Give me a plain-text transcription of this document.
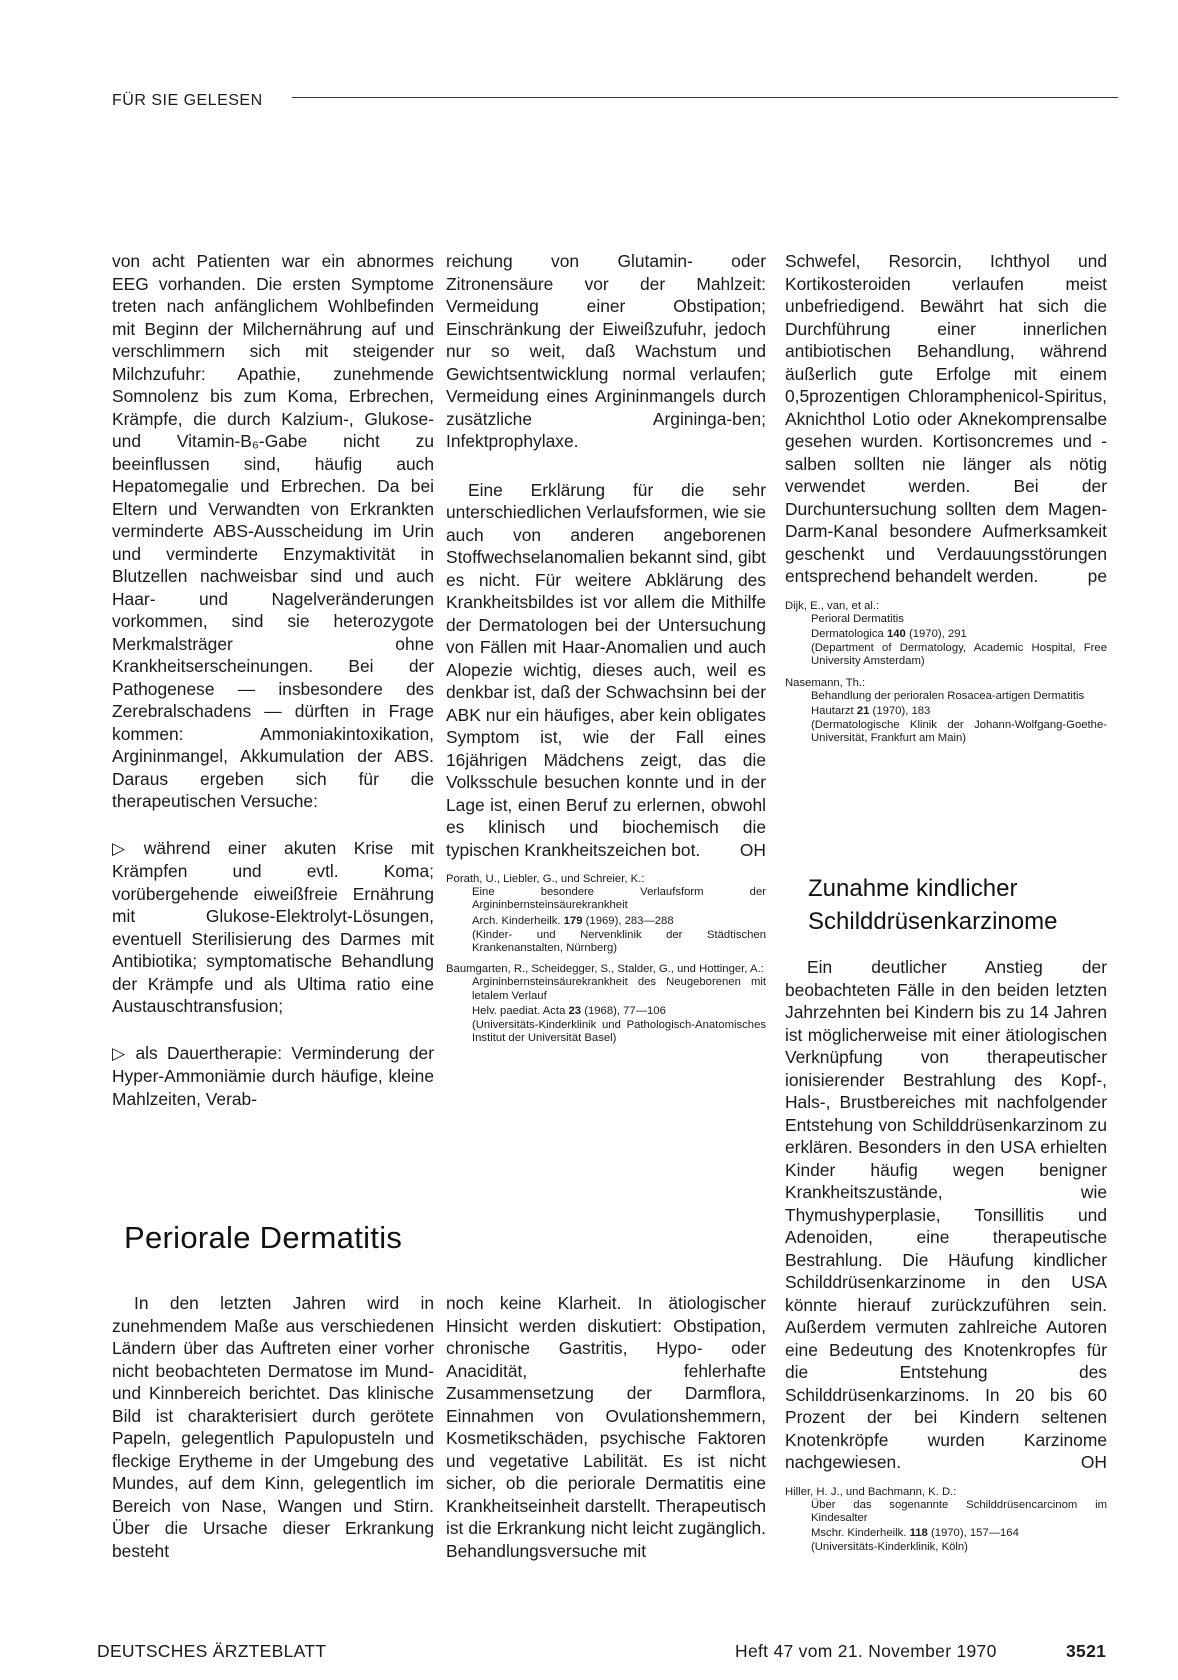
FÜR SIE GELESEN

von acht Patienten war ein abnormes EEG vorhanden. Die ersten Symptome treten nach anfänglichem Wohlbefinden mit Beginn der Milchernährung auf und verschlimmern sich mit steigender Milchzufuhr: Apathie, zunehmende Somnolenz bis zum Koma, Erbrechen, Krämpfe, die durch Kalzium-, Glukose- und Vitamin-B₆-Gabe nicht zu beeinflussen sind, häufig auch Hepatomegalie und Erbrechen. Da bei Eltern und Verwandten von Erkrankten verminderte ABS-Ausscheidung im Urin und verminderte Enzymaktivität in Blutzellen nachweisbar sind und auch Haar- und Nagelveränderungen vorkommen, sind sie heterozygote Merkmalsträger ohne Krankheitserscheinungen. Bei der Pathogenese — insbesondere des Zerebralschadens — dürften in Frage kommen: Ammoniakintoxikation, Argininmangel, Akkumulation der ABS. Daraus ergeben sich für die therapeutischen Versuche:

▷ während einer akuten Krise mit Krämpfen und evtl. Koma; vorübergehende eiweißfreie Ernährung mit Glukose-Elektrolyt-Lösungen, eventuell Sterilisierung des Darmes mit Antibiotika; symptomatische Behandlung der Krämpfe und als Ultima ratio eine Austauschtransfusion;

▷ als Dauertherapie: Verminderung der Hyper-Ammoniämie durch häufige, kleine Mahlzeiten, Verab-

reichung von Glutamin- oder Zitronensäure vor der Mahlzeit: Vermeidung einer Obstipation; Einschränkung der Eiweißzufuhr, jedoch nur so weit, daß Wachstum und Gewichtsentwicklung normal verlaufen; Vermeidung eines Argininmangels durch zusätzliche Argininga-ben; Infektprophylaxe.

Eine Erklärung für die sehr unterschiedlichen Verlaufsformen, wie sie auch von anderen angeborenen Stoffwechselanomalien bekannt sind, gibt es nicht. Für weitere Abklärung des Krankheitsbildes ist vor allem die Mithilfe der Dermatologen bei der Untersuchung von Fällen mit Haar-Anomalien und auch Alopezie wichtig, dieses auch, weil es denkbar ist, daß der Schwachsinn bei der ABK nur ein häufiges, aber kein obligates Symptom ist, wie der Fall eines 16jährigen Mädchens zeigt, das die Volksschule besuchen konnte und in der Lage ist, einen Beruf zu erlernen, obwohl es klinisch und biochemisch die typischen Krankheitszeichen bot.	OH

Porath, U., Liebler, G., und Schreier, K.:
Eine besondere Verlaufsform der Argininbernsteinsäurekrankheit
Arch. Kinderheilk. 179 (1969), 283—288
(Kinder- und Nervenklinik der Städtischen Krankenanstalten, Nürnberg)
Baumgarten, R., Scheidegger, S., Stalder, G., und Hottinger, A.:
Argininbernsteinsäurekrankheit des Neugeborenen mit letalem Verlauf
Helv. paediat. Acta 23 (1968), 77—106
(Universitäts-Kinderklinik und Pathologisch-Anatomisches Institut der Universität Basel)

Schwefel, Resorcin, Ichthyol und Kortikosteroiden verlaufen meist unbefriedigend. Bewährt hat sich die Durchführung einer innerlichen antibiotischen Behandlung, während äußerlich gute Erfolge mit einem 0,5prozentigen Chloramphenicol-Spiritus, Aknichthol Lotio oder Aknekomprensalbe gesehen wurden. Kortisoncremes und -salben sollten nie länger als nötig verwendet werden. Bei der Durchuntersuchung sollten dem Magen-Darm-Kanal besondere Aufmerksamkeit geschenkt und Verdauungsstörungen entsprechend behandelt werden.	pe

Dijk, E., van, et al.:
Perioral Dermatitis
Dermatologica 140 (1970), 291
(Department of Dermatology, Academic Hospital, Free University Amsterdam)
Nasemann, Th.:
Behandlung der perioralen Rosacea-artigen Dermatitis
Hautarzt 21 (1970), 183
(Dermatologische Klinik der Johann-Wolfgang-Goethe-Universität, Frankfurt am Main)
Zunahme kindlicher
Schilddrüsenkarzinome

Ein deutlicher Anstieg der beobachteten Fälle in den beiden letzten Jahrzehnten bei Kindern bis zu 14 Jahren ist möglicherweise mit einer ätiologischen Verknüpfung von therapeutischer ionisierender Bestrahlung des Kopf-, Hals-, Brustbereiches mit nachfolgender Entstehung von Schilddrüsenkarzinom zu erklären. Besonders in den USA erhielten Kinder häufig wegen benigner Krankheitszustände, wie Thymushyperplasie, Tonsillitis und Adenoiden, eine therapeutische Bestrahlung. Die Häufung kindlicher Schilddrüsenkarzinome in den USA könnte hierauf zurückzuführen sein. Außerdem vermuten zahlreiche Autoren eine Bedeutung des Knotenkropfes für die Entstehung des Schilddrüsenkarzinoms. In 20 bis 60 Prozent der bei Kindern seltenen Knotenkröpfe wurden Karzinome nachgewiesen.	OH

Hiller, H. J., und Bachmann, K. D.:
Über das sogenannte Schilddrüsencarcinom im Kindesalter
Mschr. Kinderheilk. 118 (1970), 157—164
(Universitäts-Kinderklinik, Köln)
Periorale Dermatitis

In den letzten Jahren wird in zunehmendem Maße aus verschiedenen Ländern über das Auftreten einer vorher nicht beobachteten Dermatose im Mund- und Kinnbereich berichtet. Das klinische Bild ist charakterisiert durch gerötete Papeln, gelegentlich Papulopusteln und fleckige Erytheme in der Umgebung des Mundes, auf dem Kinn, gelegentlich im Bereich von Nase, Wangen und Stirn. Über die Ursache dieser Erkrankung besteht

noch keine Klarheit. In ätiologischer Hinsicht werden diskutiert: Obstipation, chronische Gastritis, Hypo- oder Anacidität, fehlerhafte Zusammensetzung der Darmflora, Einnahmen von Ovulationshemmern, Kosmetikschäden, psychische Faktoren und vegetative Labilität. Es ist nicht sicher, ob die periorale Dermatitis eine Krankheitseinheit darstellt. Therapeutisch ist die Erkrankung nicht leicht zugänglich. Behandlungsversuche mit

DEUTSCHES ÄRZTEBLATT	Heft 47 vom 21. November 1970	3521
